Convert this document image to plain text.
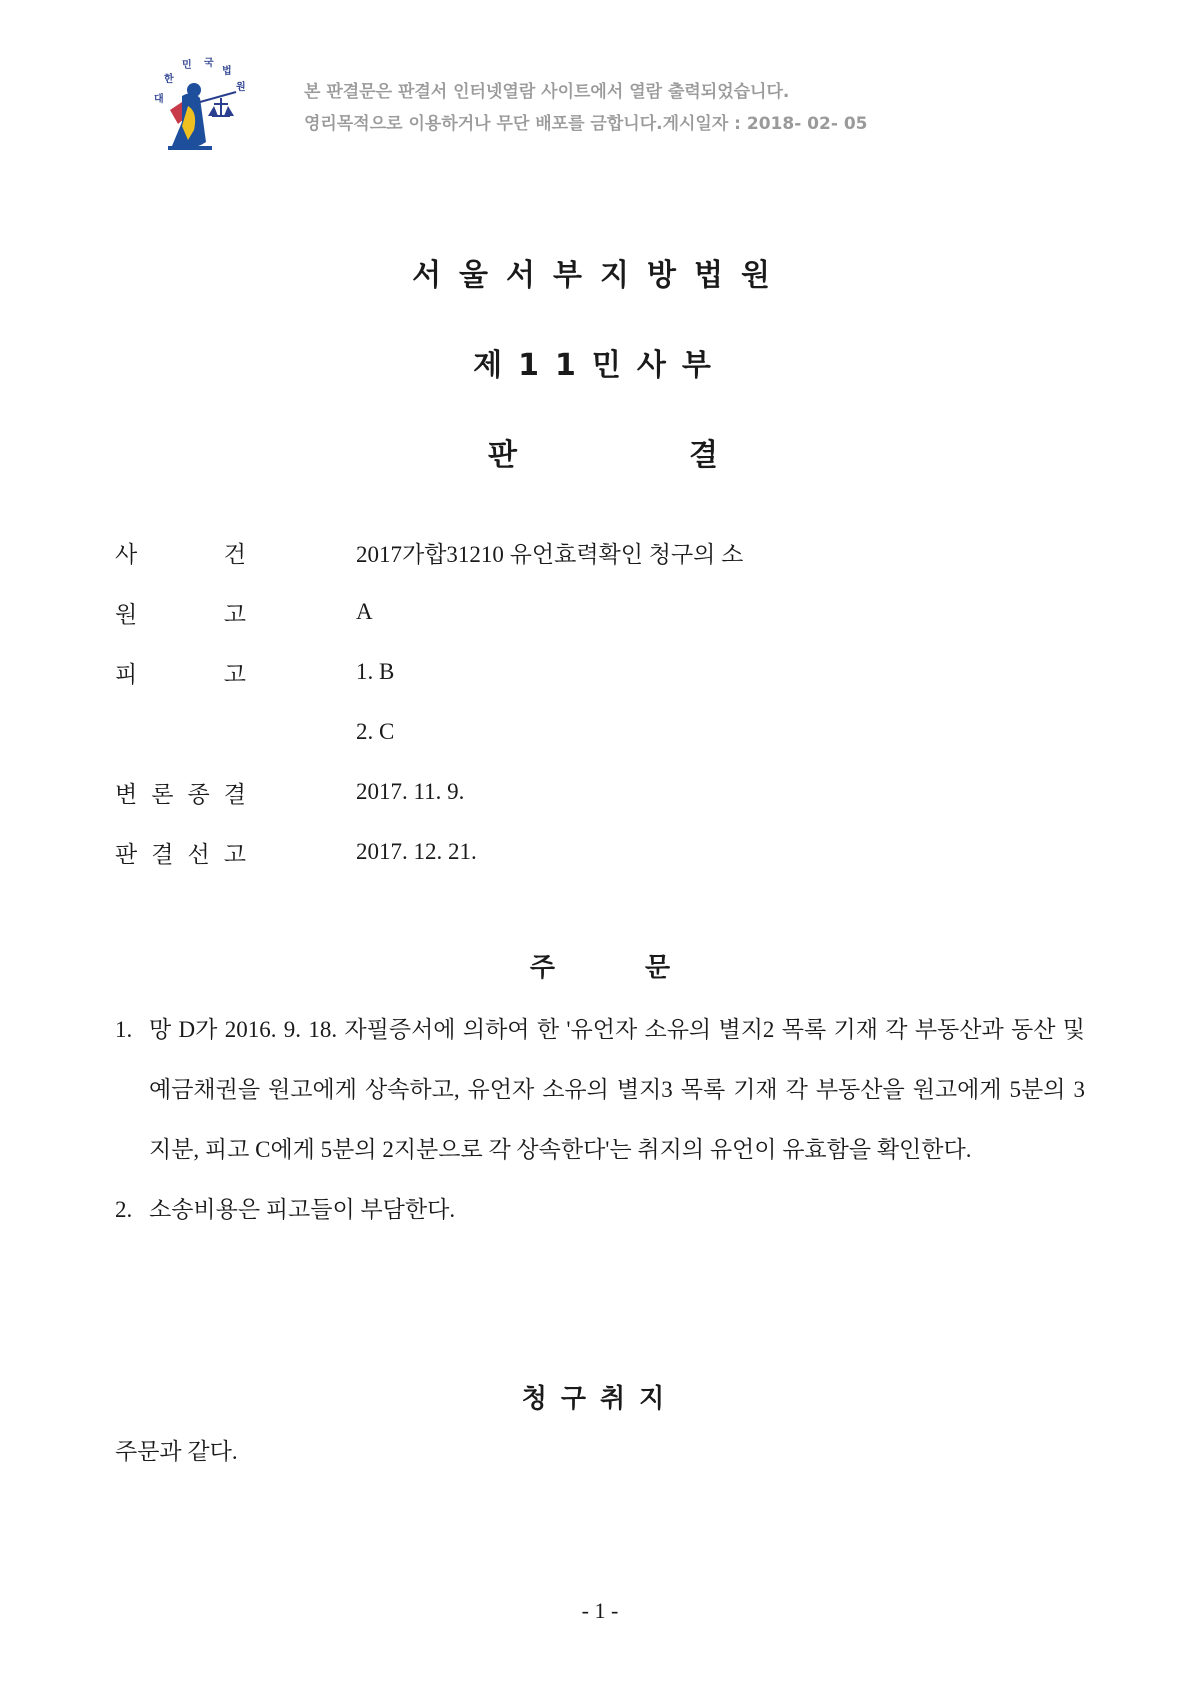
대
한
민 국
법
원	본 판결문은 판결서 인터넷열람 사이트에서 열람 출력되었습니다.
영리목적으로 이용하거나 무단 배포를 금합니다.게시일자 : 2018- 02- 05
서울서부지방법원
제11민사부
판	결
사	건	2017가합31210 유언효력확인 청구의 소
원	고	A
피	고	1. B
2. C
변 론 종 결	2017. 11. 9.
판 결 선 고	2017. 12. 21.
주	문
1. 망 D가 2016. 9. 18. 자필증서에 의하여 한 '유언자 소유의 별지2 목록 기재 각 부동산과 동산 및 예금채권을 원고에게 상속하고, 유언자 소유의 별지3 목록 기재 각 부동산을 원고에게 5분의 3 지분, 피고 C에게 5분의 2지분으로 각 상속한다'는 취지의 유언이 유효함을 확인한다.
2. 소송비용은 피고들이 부담한다.
청구취지
주문과 같다.
- 1 -
